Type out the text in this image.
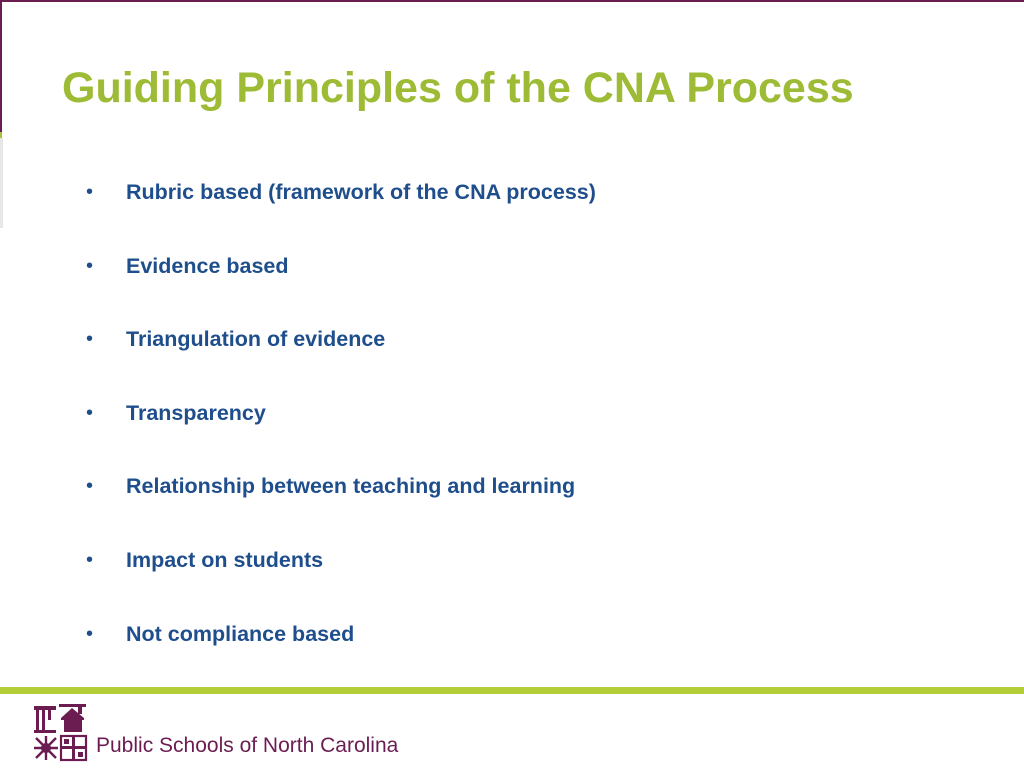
Guiding Principles of the CNA Process
•	Rubric based (framework of the CNA process)
•	Evidence based
•	Triangulation of evidence
•	Transparency
•	Relationship between teaching and learning
•	Impact on students
•	Not compliance based
Public Schools of North Carolina
